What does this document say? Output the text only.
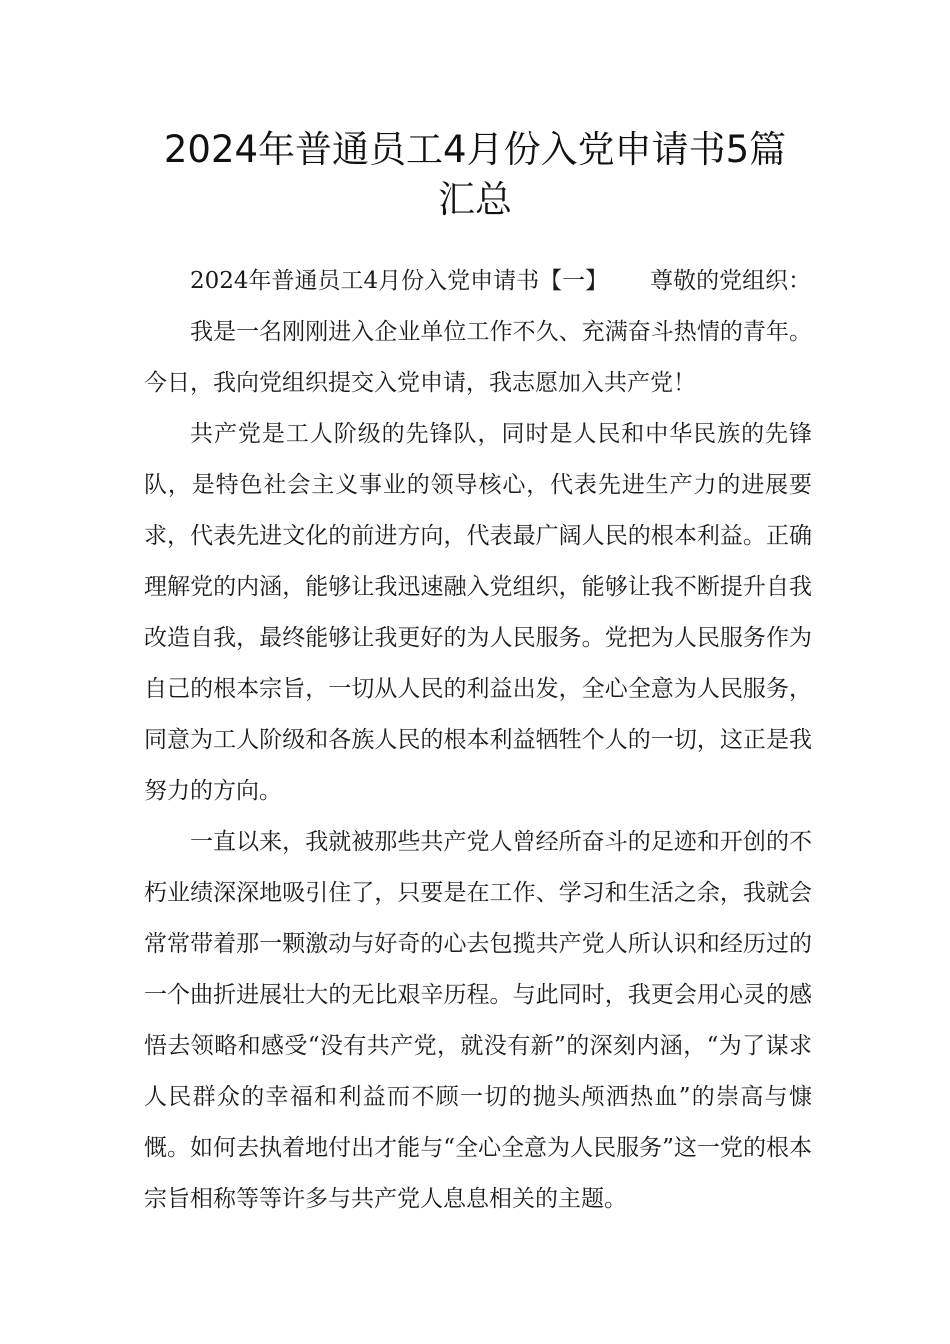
2024年普通员工4月份入党申请书5篇
汇总

2024年普通员工4月份入党申请书【一】 尊敬的党组织：

我是一名刚刚进入企业单位工作不久、充满奋斗热情的青年。今日，我向党组织提交入党申请，我志愿加入共产党！

共产党是工人阶级的先锋队，同时是人民和中华民族的先锋队，是特色社会主义事业的领导核心，代表先进生产力的进展要求，代表先进文化的前进方向，代表最广阔人民的根本利益。正确理解党的内涵，能够让我迅速融入党组织，能够让我不断提升自我改造自我，最终能够让我更好的为人民服务。党把为人民服务作为自己的根本宗旨，一切从人民的利益出发，全心全意为人民服务，同意为工人阶级和各族人民的根本利益牺牲个人的一切，这正是我努力的方向。

一直以来，我就被那些共产党人曾经所奋斗的足迹和开创的不朽业绩深深地吸引住了，只要是在工作、学习和生活之余，我就会常常带着那一颗激动与好奇的心去包揽共产党人所认识和经历过的一个曲折进展壮大的无比艰辛历程。与此同时，我更会用心灵的感悟去领略和感受“没有共产党，就没有新”的深刻内涵，“为了谋求人民群众的幸福和利益而不顾一切的抛头颅洒热血”的崇高与慷慨。如何去执着地付出才能与“全心全意为人民服务”这一党的根本宗旨相称等等许多与共产党人息息相关的主题。
